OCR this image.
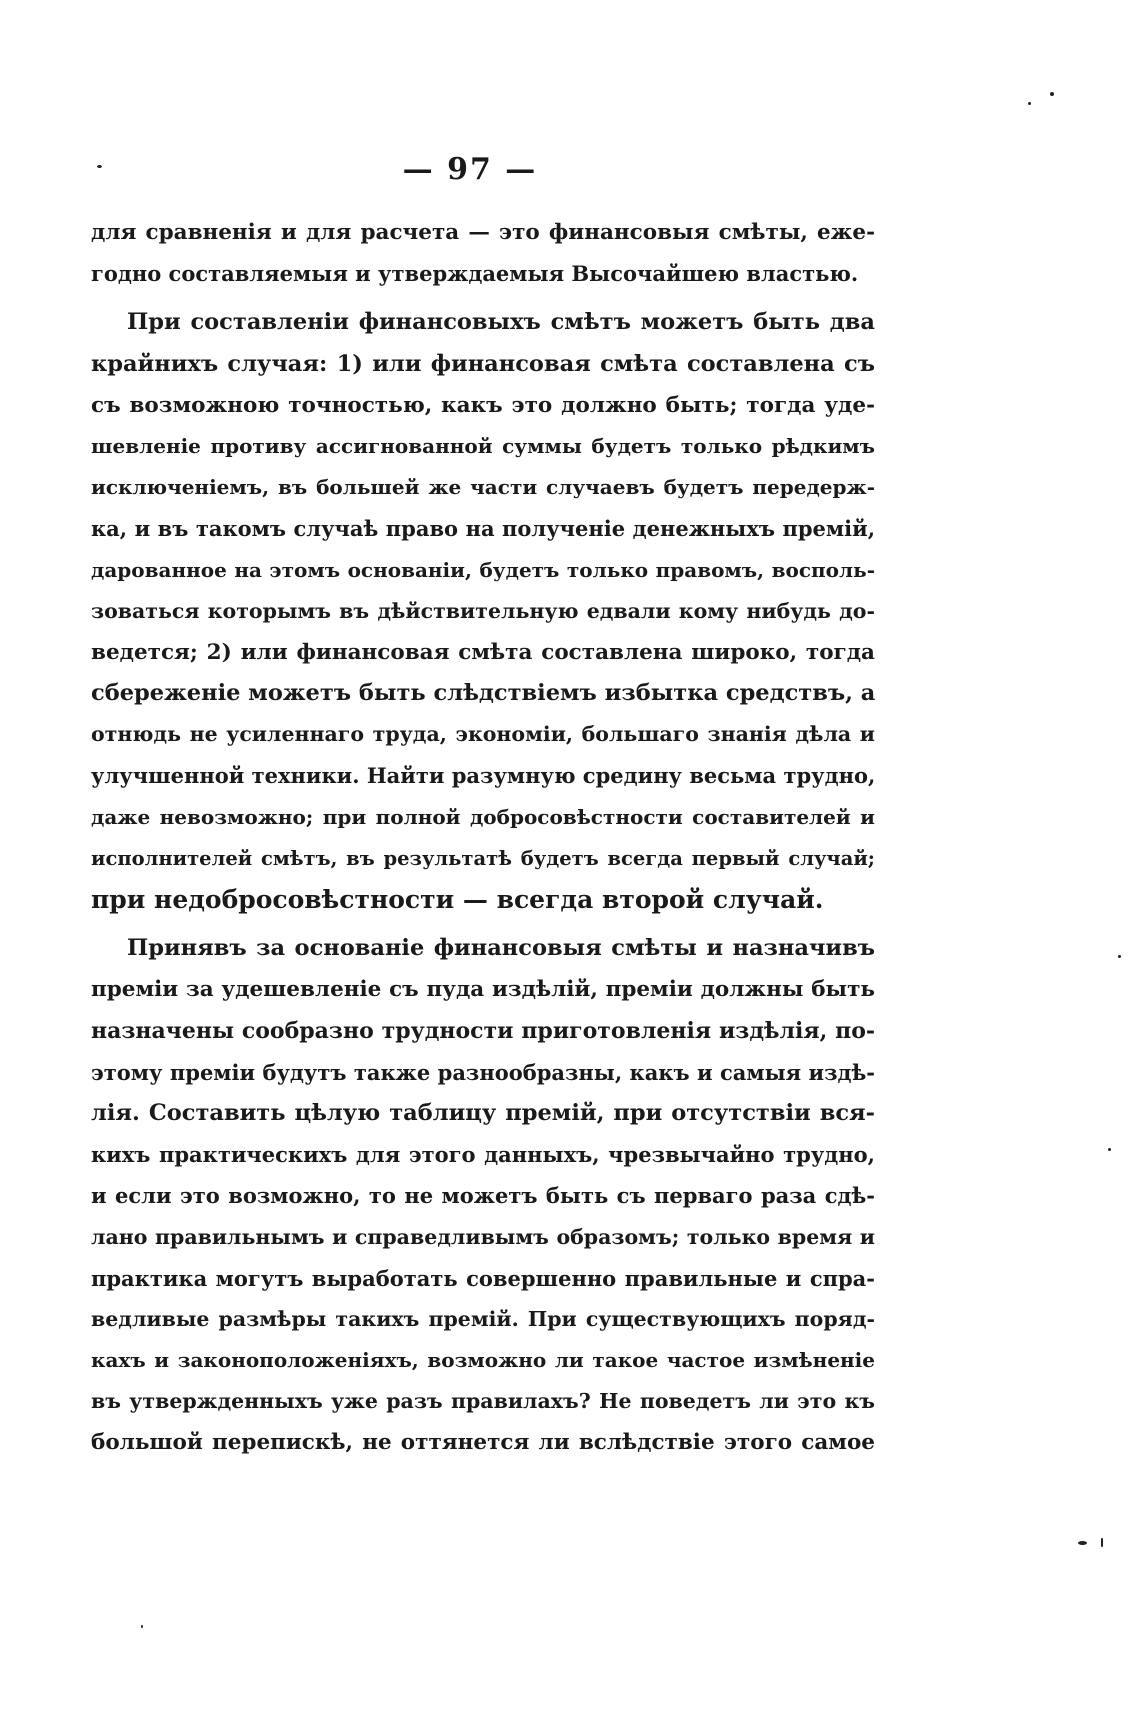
— 97 —
для сравненія и для расчета — это финансовыя смѣты, еже-
годно составляемыя и утверждаемыя Высочайшею властью.
При составленіи финансовыхъ смѣтъ можетъ быть два
крайнихъ случая: 1) или финансовая смѣта составлена съ
съ возможною точностью, какъ это должно быть; тогда уде-
шевленіе противу ассигнованной суммы будетъ только рѣдкимъ
исключеніемъ, въ большей же части случаевъ будетъ передерж-
ка, и въ такомъ случаѣ право на полученіе денежныхъ премій,
дарованное на этомъ основаніи, будетъ только правомъ, восполь-
зоваться которымъ въ дѣйствительную едвали кому нибудь до-
ведется; 2) или финансовая смѣта составлена широко, тогда
сбереженіе можетъ быть слѣдствіемъ избытка средствъ, а
отнюдь не усиленнаго труда, экономіи, большаго знанія дѣла и
улучшенной техники. Найти разумную средину весьма трудно,
даже невозможно; при полной добросовѣстности составителей и
исполнителей смѣтъ, въ результатѣ будетъ всегда первый случай;
при недобросовѣстности — всегда второй случай.
Принявъ за основаніе финансовыя смѣты и назначивъ
преміи за удешевленіе съ пуда издѣлій, преміи должны быть
назначены сообразно трудности приготовленія издѣлія, по-
этому преміи будутъ также разнообразны, какъ и самыя издѣ-
лія. Составить цѣлую таблицу премій, при отсутствіи вся-
кихъ практическихъ для этого данныхъ, чрезвычайно трудно,
и если это возможно, то не можетъ быть съ перваго раза сдѣ-
лано правильнымъ и справедливымъ образомъ; только время и
практика могутъ выработать совершенно правильные и спра-
ведливые размѣры такихъ премій. При существующихъ поряд-
кахъ и законоположеніяхъ, возможно ли такое частое измѣненіе
въ утвержденныхъ уже разъ правилахъ? Не поведетъ ли это къ
большой перепискѣ, не оттянется ли вслѣдствіе этого самое
